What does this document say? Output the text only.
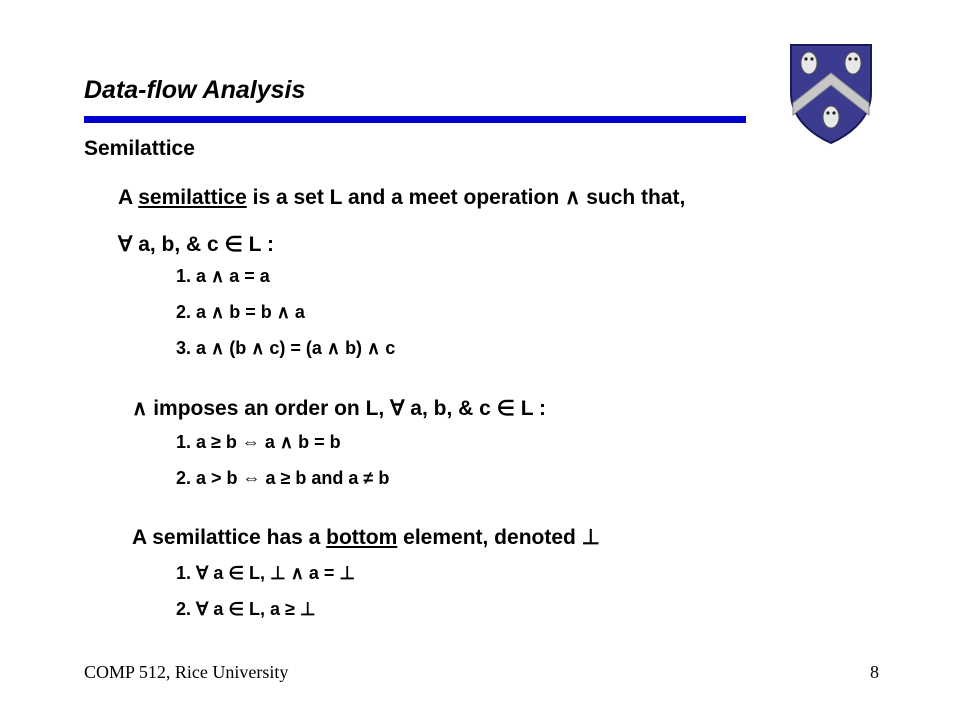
Data-flow Analysis
Semilattice
A semilattice is a set L and a meet operation ∧ such that,
∀ a, b, & c ∈ L :
1. a ∧ a = a
2. a ∧ b = b ∧ a
3. a ∧ (b ∧ c) = (a ∧ b) ∧ c
∧ imposes an order on L, ∀ a, b, & c ∈ L :
1. a ≥ b ⇔ a ∧ b = b
2. a > b ⇔ a ≥ b and a ≠ b
A semilattice has a bottom element, denoted ⊥
1. ∀ a ∈ L, ⊥ ∧ a = ⊥
2. ∀ a ∈ L, a ≥ ⊥
COMP 512, Rice University	8
